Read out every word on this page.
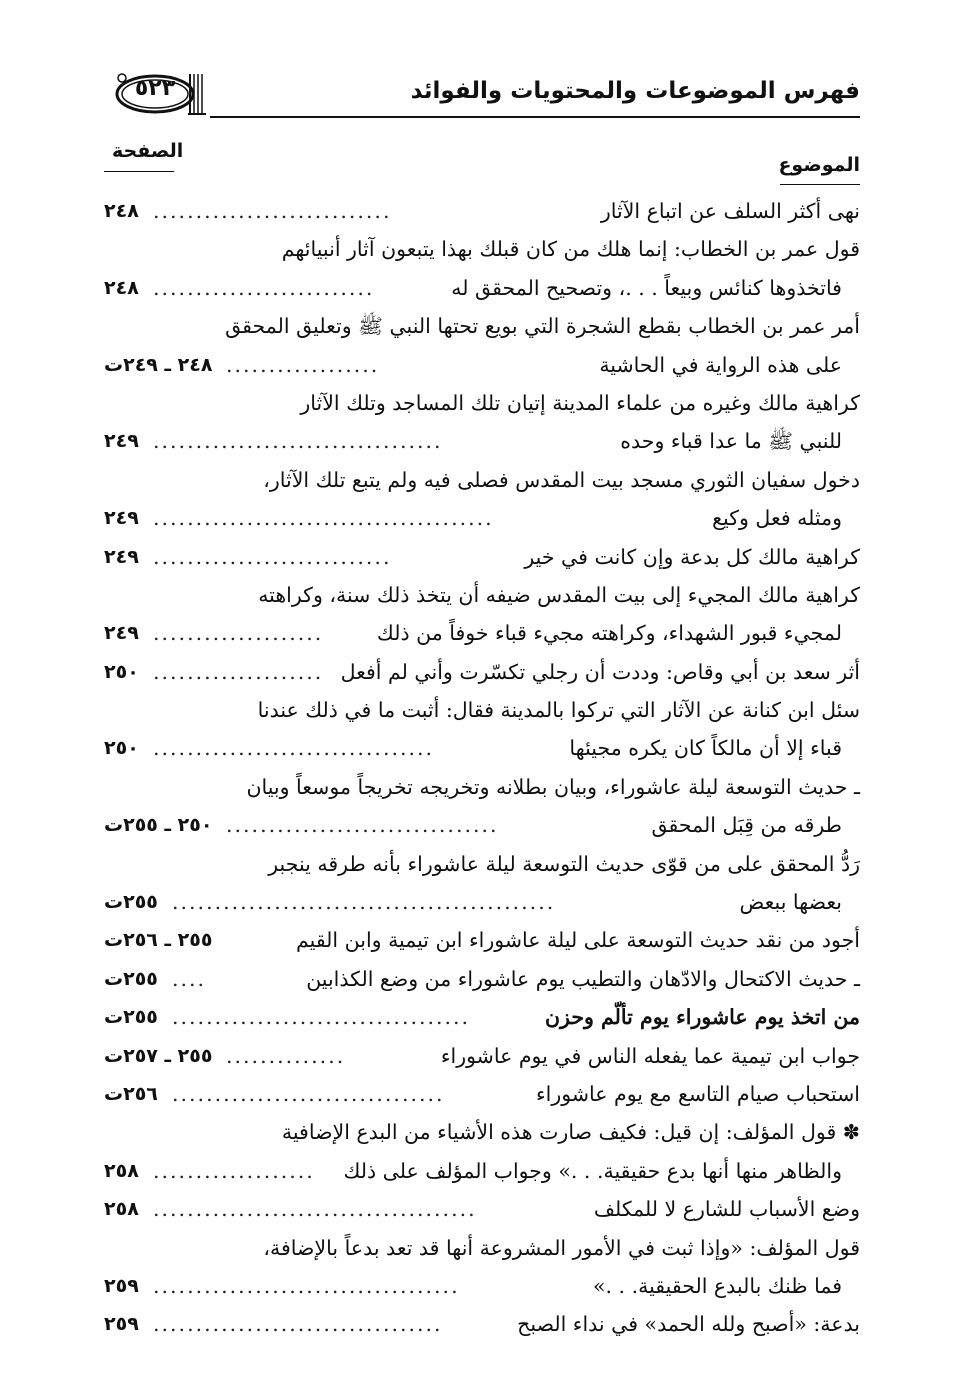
فهرس الموضوعات والمحتويات والفوائد
٥٢٣
الصفحة
الموضوع
نهى أكثر السلف عن اتباع الآثار
............................
٢٤٨
قول عمر بن الخطاب: إنما هلك من كان قبلك بهذا يتبعون آثار أنبيائهم
فاتخذوها كنائس وبيعاً . . .، وتصحيح المحقق له
..........................
٢٤٨
أمر عمر بن الخطاب بقطع الشجرة التي بويع تحتها النبي ﷺ وتعليق المحقق
على هذه الرواية في الحاشية
..................
٢٤٨ ـ ٢٤٩ت
كراهية مالك وغيره من علماء المدينة إتيان تلك المساجد وتلك الآثار
للنبي ﷺ ما عدا قباء وحده
..................................
٢٤٩
دخول سفيان الثوري مسجد بيت المقدس فصلى فيه ولم يتبع تلك الآثار،
ومثله فعل وكيع
........................................
٢٤٩
كراهية مالك كل بدعة وإن كانت في خير
............................
٢٤٩
كراهية مالك المجيء إلى بيت المقدس ضيفه أن يتخذ ذلك سنة، وكراهته
لمجيء قبور الشهداء، وكراهته مجيء قباء خوفاً من ذلك
....................
٢٤٩
أثر سعد بن أبي وقاص: وددت أن رجلي تكسّرت وأني لم أفعل
....................
٢٥٠
سئل ابن كنانة عن الآثار التي تركوا بالمدينة فقال: أثبت ما في ذلك عندنا
قباء إلا أن مالكاً كان يكره مجيئها
.................................
٢٥٠
ـ حديث التوسعة ليلة عاشوراء، وبيان بطلانه وتخريجه تخريجاً موسعاً وبيان
طرقه من قِبَل المحقق
................................
٢٥٠ ـ ٢٥٥ت
رَدُّ المحقق على من قوّى حديث التوسعة ليلة عاشوراء بأنه طرقه ينجبر
بعضها ببعض
.............................................
٢٥٥ت
أجود من نقد حديث التوسعة على ليلة عاشوراء ابن تيمية وابن القيم
٢٥٥ ـ ٢٥٦ت
ـ حديث الاكتحال والادّهان والتطيب يوم عاشوراء من وضع الكذابين
....
٢٥٥ت
من اتخذ يوم عاشوراء يوم تألّم وحزن
...................................
٢٥٥ت
جواب ابن تيمية عما يفعله الناس في يوم عاشوراء
..............
٢٥٥ ـ ٢٥٧ت
استحباب صيام التاسع مع يوم عاشوراء
................................
٢٥٦ت
✽ قول المؤلف: إن قيل: فكيف صارت هذه الأشياء من البدع الإضافية
والظاهر منها أنها بدع حقيقية. . .» وجواب المؤلف على ذلك
...................
٢٥٨
وضع الأسباب للشارع لا للمكلف
......................................
٢٥٨
قول المؤلف: «وإذا ثبت في الأمور المشروعة أنها قد تعد بدعاً بالإضافة،
فما ظنك بالبدع الحقيقية. . .»
....................................
٢٥٩
بدعة: «أصبح ولله الحمد» في نداء الصبح
..................................
٢٥٩
